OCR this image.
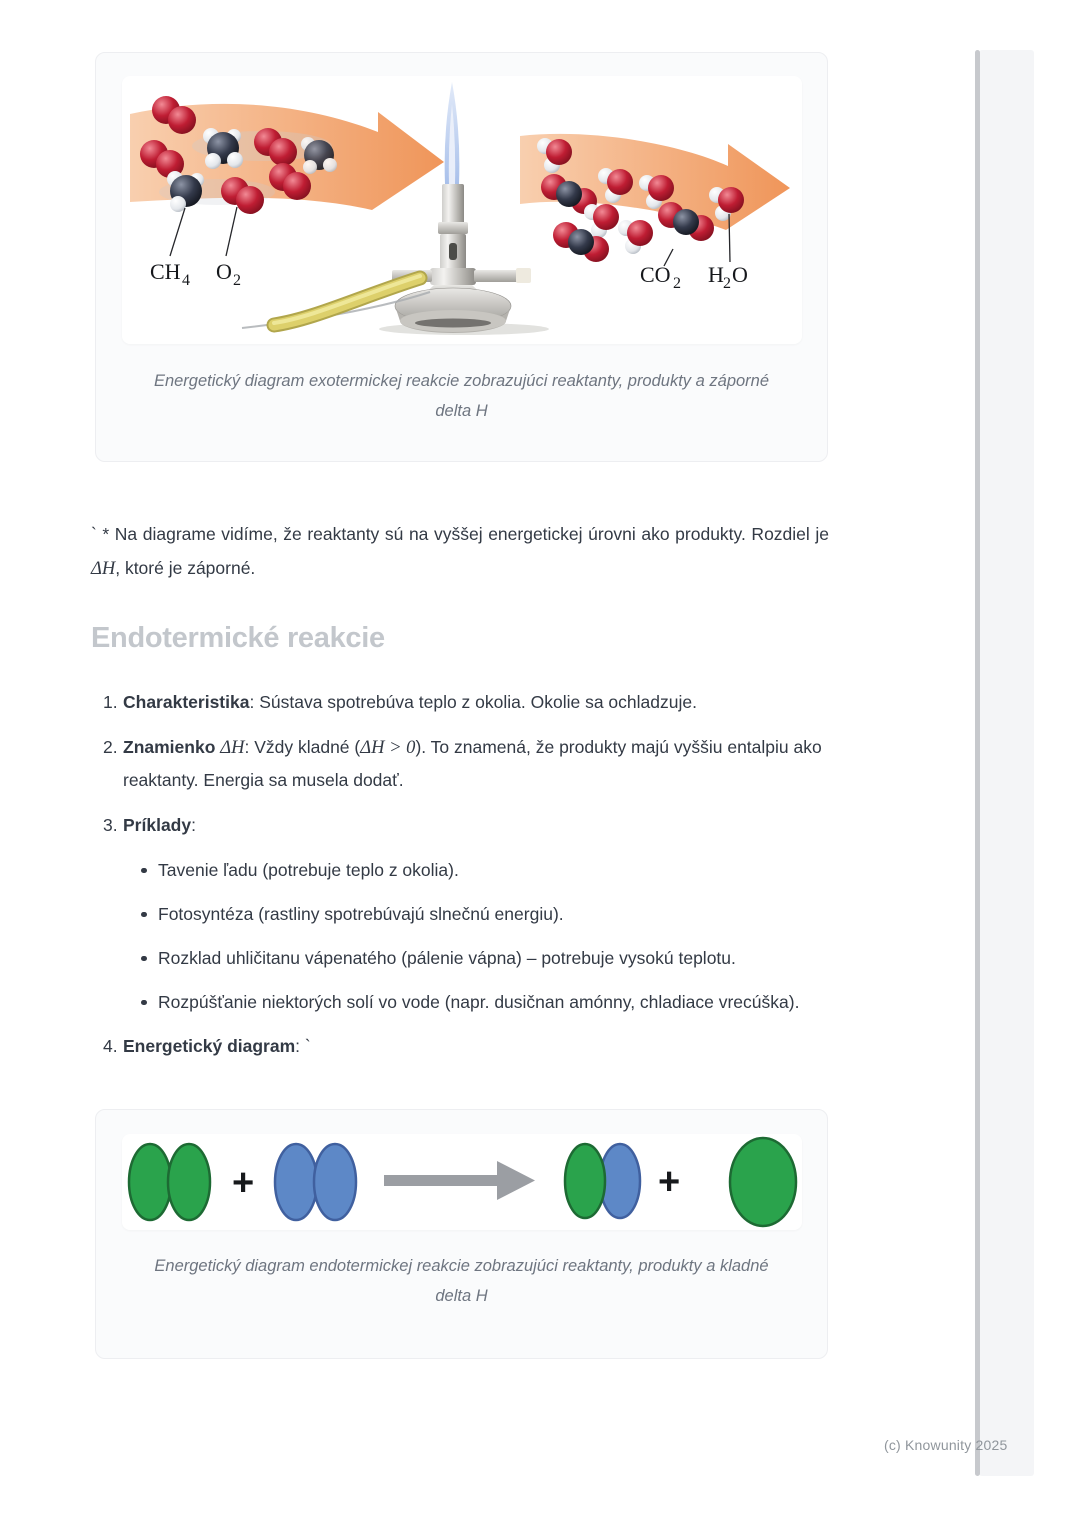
CH 4 O 2	CO 2 H 2 O
Energetický diagram exotermickej reakcie zobrazujúci reaktanty, produkty a záporné delta H
` * Na diagrame vidíme, že reaktanty sú na vyššej energetickej úrovni ako produkty. Rozdiel je ΔH, ktoré je záporné.
Endotermické reakcie
1. Charakteristika: Sústava spotrebúva teplo z okolia. Okolie sa ochladzuje.
2. Znamienko ΔH: Vždy kladné (ΔH > 0). To znamená, že produkty majú vyššiu entalpiu ako reaktanty. Energia sa musela dodať.
3. Príklady:
Tavenie ľadu (potrebuje teplo z okolia).
Fotosyntéza (rastliny spotrebúvajú slnečnú energiu).
Rozklad uhličitanu vápenatého (pálenie vápna) – potrebuje vysokú teplotu.
Rozpúšťanie niektorých solí vo vode (napr. dusičnan amónny, chladiace vrecúška).
4. Energetický diagram: `
+	+
Energetický diagram endotermickej reakcie zobrazujúci reaktanty, produkty a kladné delta H
(c) Knowunity 2025
